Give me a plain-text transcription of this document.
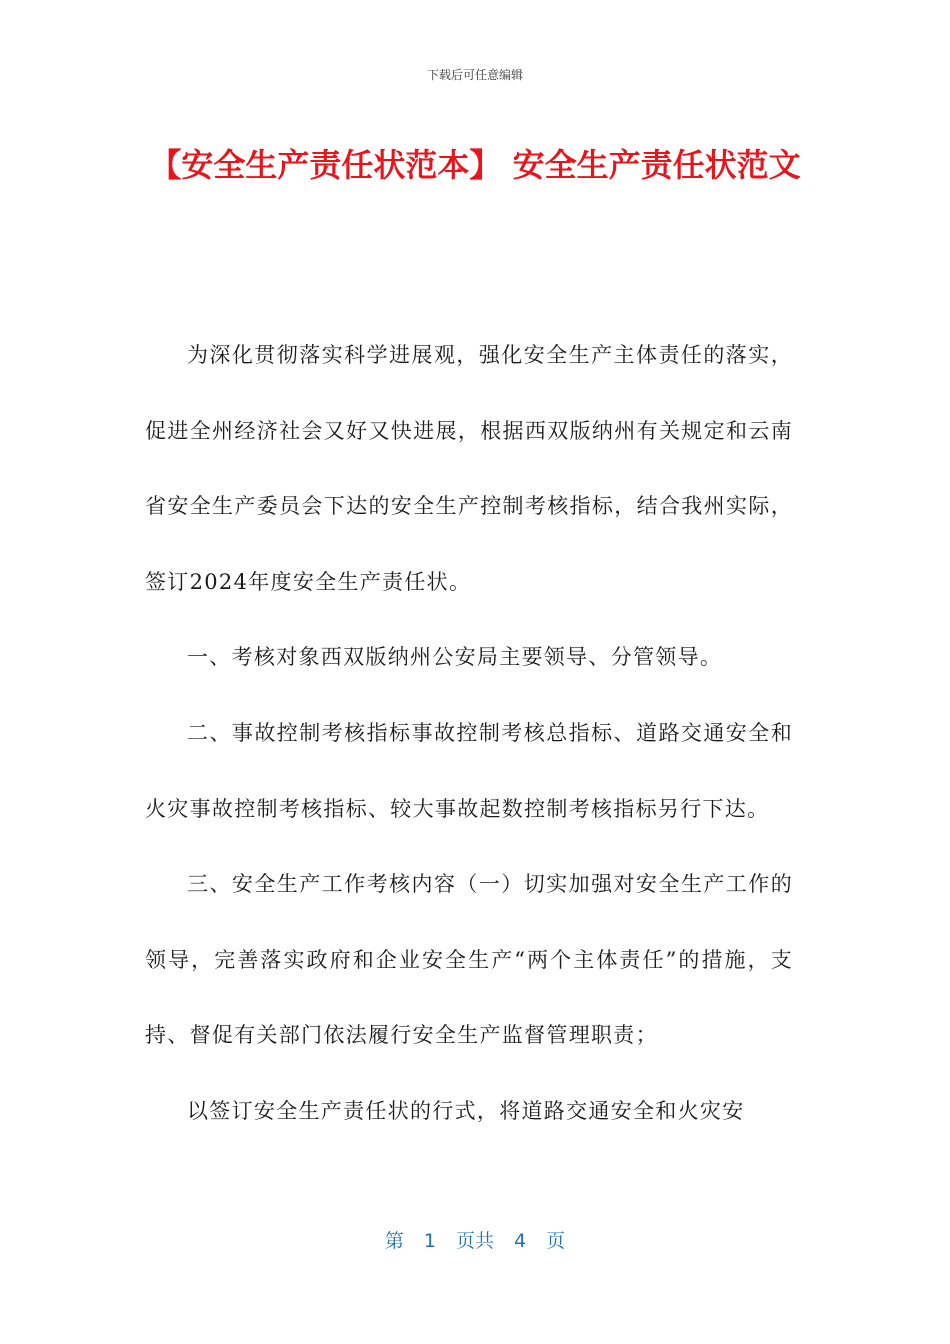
下载后可任意编辑
【安全生产责任状范本】 安全生产责任状范文

为深化贯彻落实科学进展观，强化安全生产主体责任的落实，促进全州经济社会又好又快进展，根据西双版纳州有关规定和云南省安全生产委员会下达的安全生产控制考核指标，结合我州实际，签订2024年度安全生产责任状。

一、考核对象西双版纳州公安局主要领导、分管领导。

二、事故控制考核指标事故控制考核总指标、道路交通安全和火灾事故控制考核指标、较大事故起数控制考核指标另行下达。

三、安全生产工作考核内容（一）切实加强对安全生产工作的领导，完善落实政府和企业安全生产“两个主体责任”的措施，支持、督促有关部门依法履行安全生产监督管理职责；

以签订安全生产责任状的行式，将道路交通安全和火灾安

第 1 页共 4 页
